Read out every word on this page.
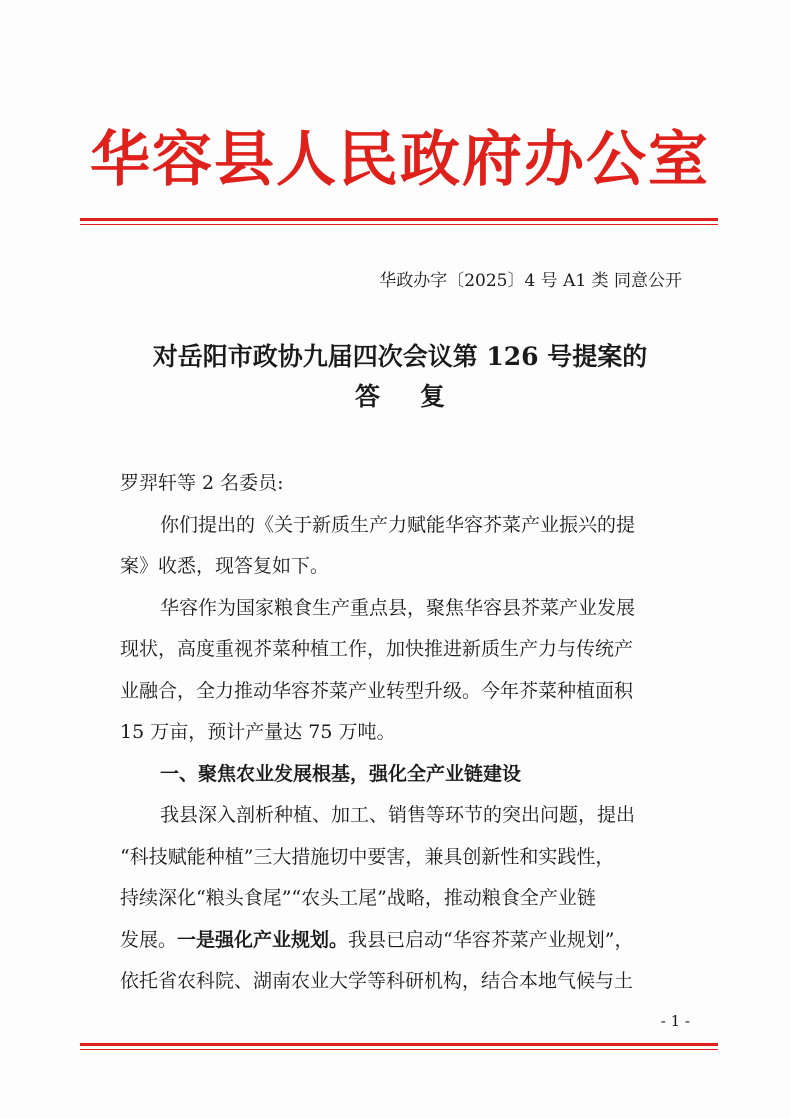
华容县人民政府办公室
华政办字〔2025〕4 号 A1 类 同意公开
对岳阳市政协九届四次会议第 126 号提案的
答复
罗羿轩等 2 名委员:
你们提出的《关于新质生产力赋能华容芥菜产业振兴的提
案》收悉，现答复如下。
华容作为国家粮食生产重点县，聚焦华容县芥菜产业发展
现状，高度重视芥菜种植工作，加快推进新质生产力与传统产
业融合，全力推动华容芥菜产业转型升级。今年芥菜种植面积
15 万亩，预计产量达 75 万吨。
一、聚焦农业发展根基，强化全产业链建设
我县深入剖析种植、加工、销售等环节的突出问题，提出
“科技赋能种植”三大措施切中要害，兼具创新性和实践性，
持续深化“粮头食尾”“农头工尾”战略，推动粮食全产业链
发展。一是强化产业规划。我县已启动“华容芥菜产业规划”，
依托省农科院、湖南农业大学等科研机构，结合本地气候与土
- 1 -
